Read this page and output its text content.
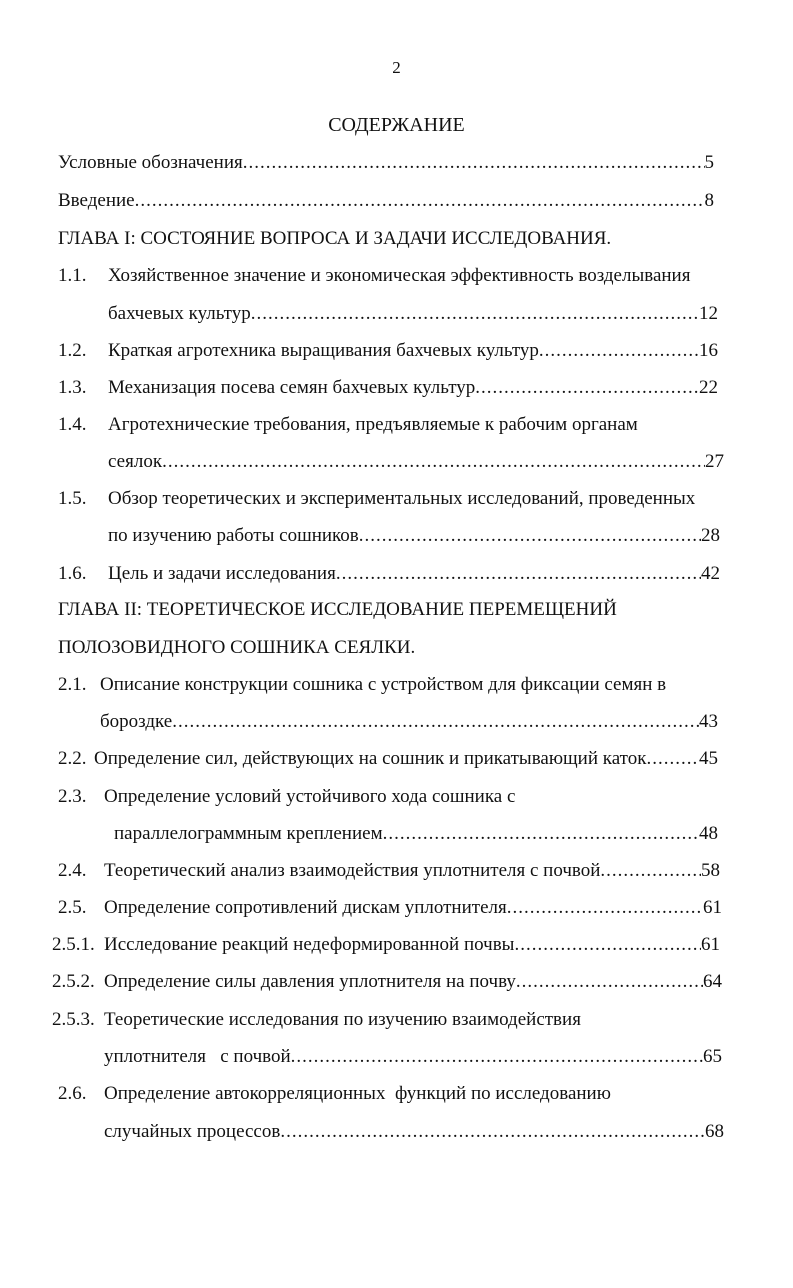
2
СОДЕРЖАНИЕ
Условные обозначения .....	5
Введение .....	8
ГЛАВА I: СОСТОЯНИЕ ВОПРОСА И ЗАДАЧИ ИССЛЕДОВАНИЯ.
1.1. Хозяйственное значение и экономическая эффективность возделывания
бахчевых культур .....	12
1.2. Краткая агротехника выращивания бахчевых культур .....	16
1.3. Механизация посева семян бахчевых культур .....	22
1.4. Агротехнические требования, предъявляемые к рабочим органам
сеялок .....	27
1.5. Обзор теоретических и экспериментальных исследований, проведенных
по изучению работы сошников .....	28
1.6. Цель и задачи исследования .....	42
ГЛАВА II: ТЕОРЕТИЧЕСКОЕ ИССЛЕДОВАНИЕ ПЕРЕМЕЩЕНИЙ
ПОЛОЗОВИДНОГО СОШНИКА СЕЯЛКИ.
2.1. Описание конструкции сошника с устройством для фиксации семян в
бороздке .....	43
2.2. Определение сил, действующих на сошник и прикатывающий каток .....	45
2.3. Определение условий устойчивого хода сошника с
параллелограммным креплением .....	48
2.4. Теоретический анализ взаимодействия уплотнителя с почвой .....	58
2.5. Определение сопротивлений дискам уплотнителя .....	61
2.5.1. Исследование реакций недеформированной почвы .....	61
2.5.2. Определение силы давления уплотнителя на почву .....	64
2.5.3. Теоретические исследования по изучению взаимодействия
уплотнителя   с почвой .....	65
2.6. Определение автокорреляционных  функций по исследованию
случайных процессов .....	68
